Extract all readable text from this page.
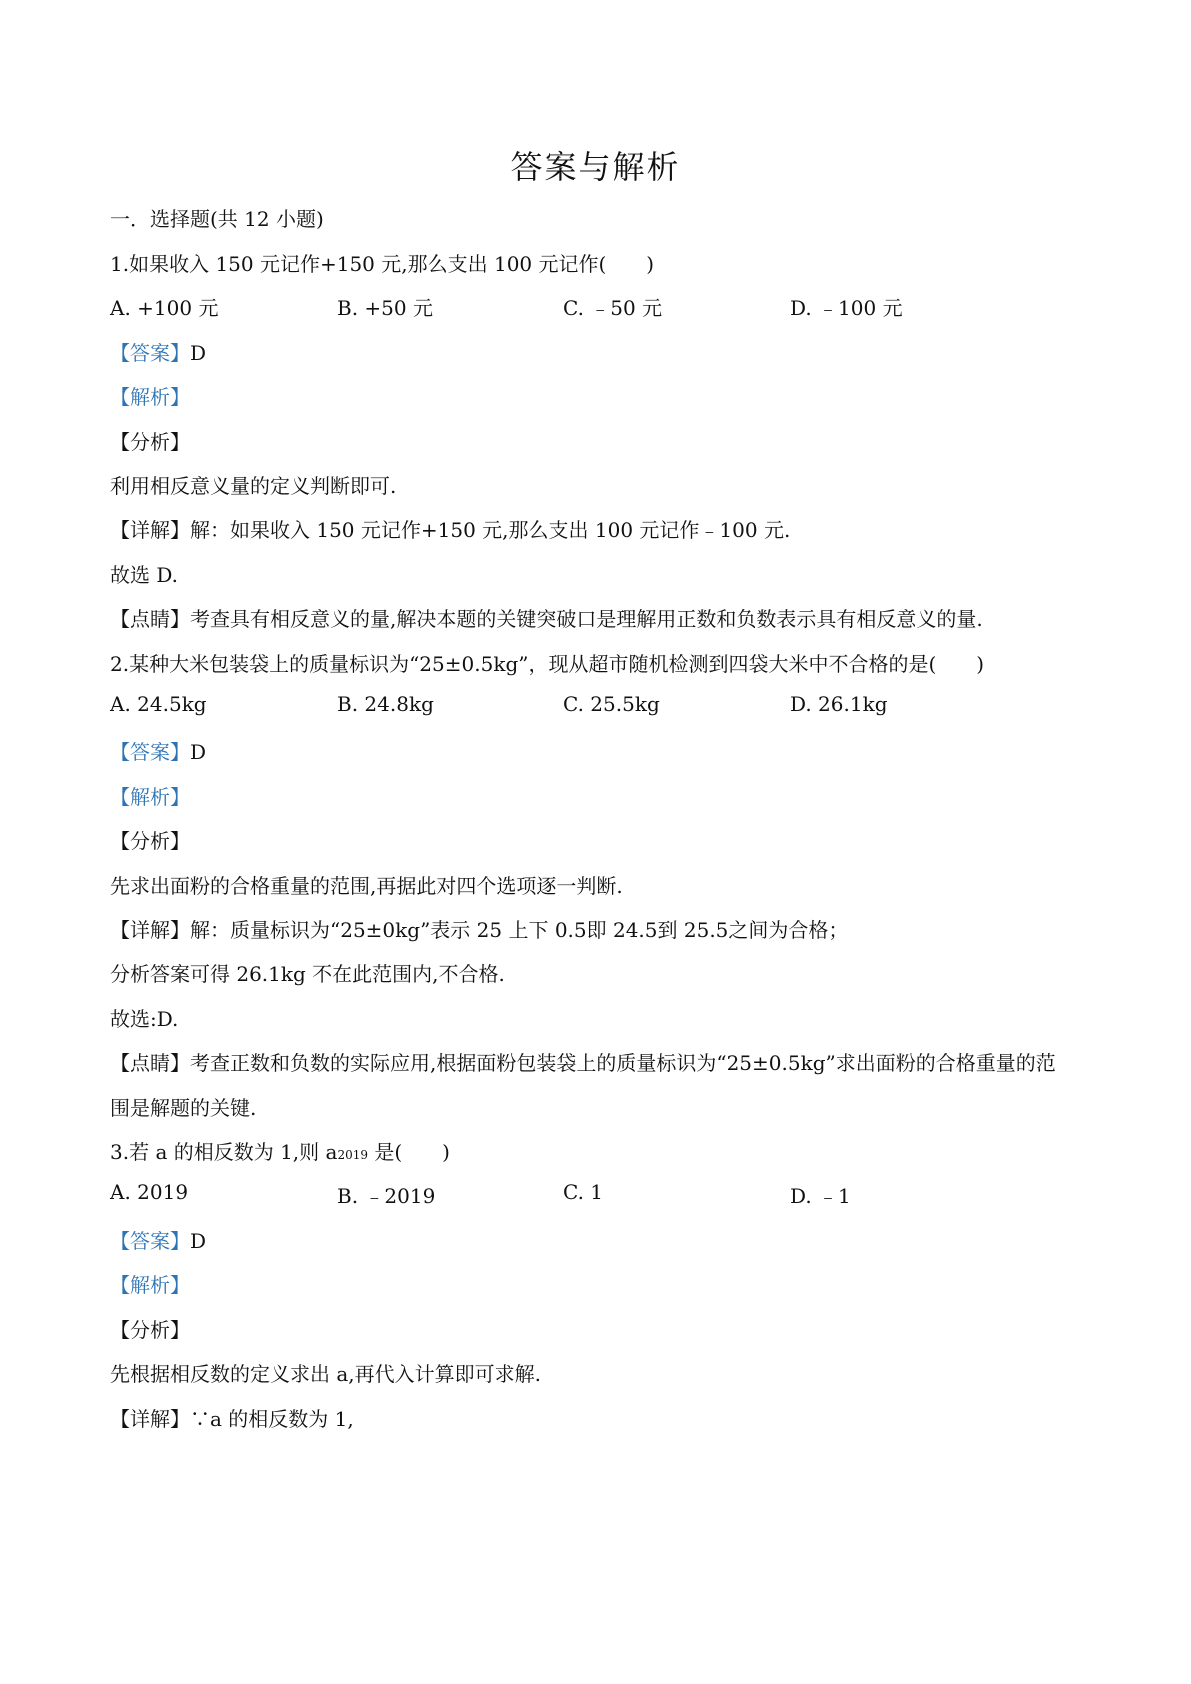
答案与解析
一．选择题(共 12 小题)
1.如果收入 150 元记作+150 元,那么支出 100 元记作(　　)
A. +100 元	B. +50 元	C. ﹣50 元	D. ﹣100 元
【答案】D
【解析】
【分析】
利用相反意义量的定义判断即可.
【详解】解：如果收入 150 元记作+150 元,那么支出 100 元记作﹣100 元.
故选 D.
【点睛】考查具有相反意义的量,解决本题的关键突破口是理解用正数和负数表示具有相反意义的量.
2.某种大米包装袋上的质量标识为“25±0.5kg”，现从超市随机检测到四袋大米中不合格的是(　　)
A. 24.5kg	B. 24.8kg	C. 25.5kg	D. 26.1kg
【答案】D
【解析】
【分析】
先求出面粉的合格重量的范围,再据此对四个选项逐一判断.
【详解】解：质量标识为“25±0kg”表示 25 上下 0.5即 24.5到 25.5之间为合格；
分析答案可得 26.1kg 不在此范围内,不合格.
故选:D.
【点睛】考查正数和负数的实际应用,根据面粉包装袋上的质量标识为“25±0.5kg”求出面粉的合格重量的范
围是解题的关键.
3.若 a 的相反数为 1,则 a2019 是(　　)
A. 2019	B. ﹣2019	C. 1	D. ﹣1
【答案】D
【解析】
【分析】
先根据相反数的定义求出 a,再代入计算即可求解.
【详解】∵a 的相反数为 1,
